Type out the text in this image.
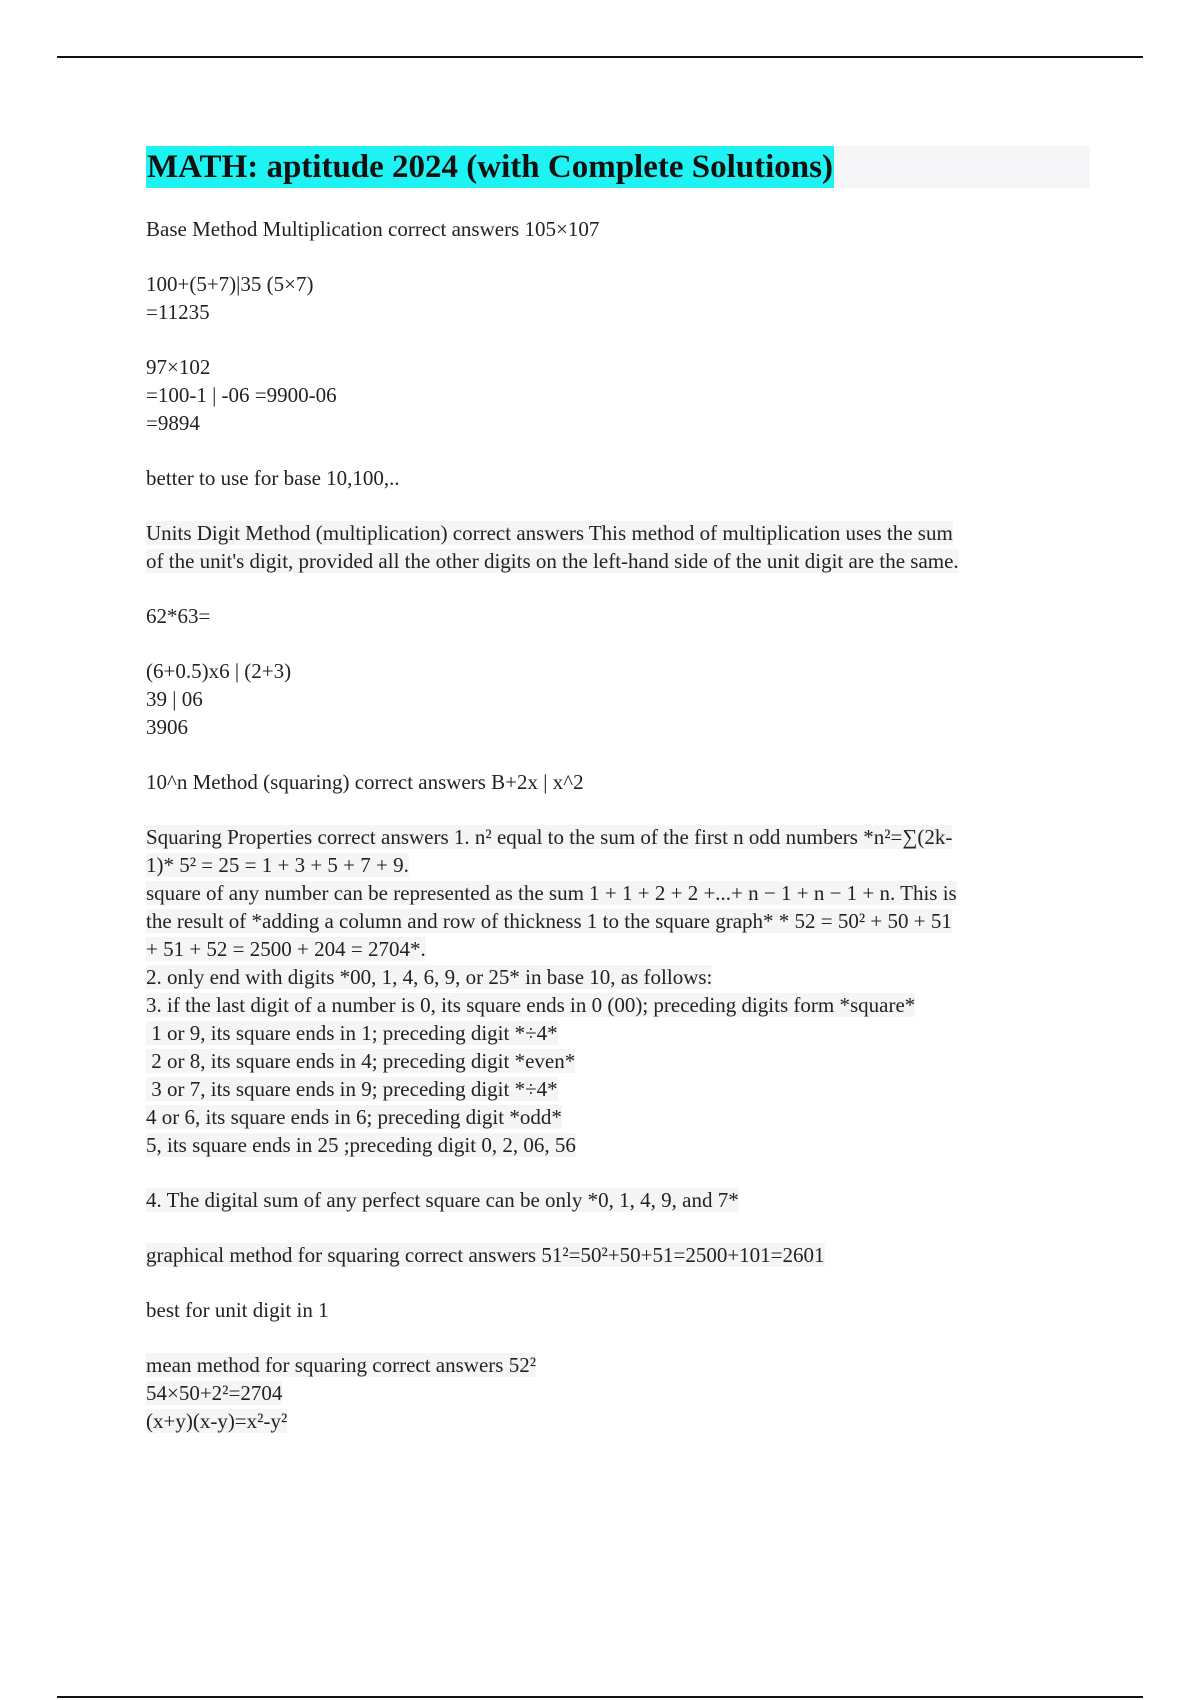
MATH: aptitude 2024 (with Complete Solutions)
Base Method Multiplication correct answers 105×107
100+(5+7)|35 (5×7)
=11235
97×102
=100-1 | -06 =9900-06
=9894
better to use for base 10,100,..
Units Digit Method (multiplication) correct answers This method of multiplication uses the sum
of the unit's digit, provided all the other digits on the left-hand side of the unit digit are the same.
62*63=
(6+0.5)x6 | (2+3)
39 | 06
3906
10^n Method (squaring) correct answers B+2x | x^2
Squaring Properties correct answers 1. n² equal to the sum of the first n odd numbers *n²=∑(2k-
1)* 5² = 25 = 1 + 3 + 5 + 7 + 9.
square of any number can be represented as the sum 1 + 1 + 2 + 2 +...+ n − 1 + n − 1 + n. This is
the result of *adding a column and row of thickness 1 to the square graph* * 52 = 50² + 50 + 51
+ 51 + 52 = 2500 + 204 = 2704*.
2. only end with digits *00, 1, 4, 6, 9, or 25* in base 10, as follows:
3. if the last digit of a number is 0, its square ends in 0 (00); preceding digits form *square*
1 or 9, its square ends in 1; preceding digit *÷4*
2 or 8, its square ends in 4; preceding digit *even*
3 or 7, its square ends in 9; preceding digit *÷4*
4 or 6, its square ends in 6; preceding digit *odd*
5, its square ends in 25 ;preceding digit 0, 2, 06, 56
4. The digital sum of any perfect square can be only *0, 1, 4, 9, and 7*
graphical method for squaring correct answers 51²=50²+50+51=2500+101=2601
best for unit digit in 1
mean method for squaring correct answers 52²
54×50+2²=2704
(x+y)(x-y)=x²-y²
